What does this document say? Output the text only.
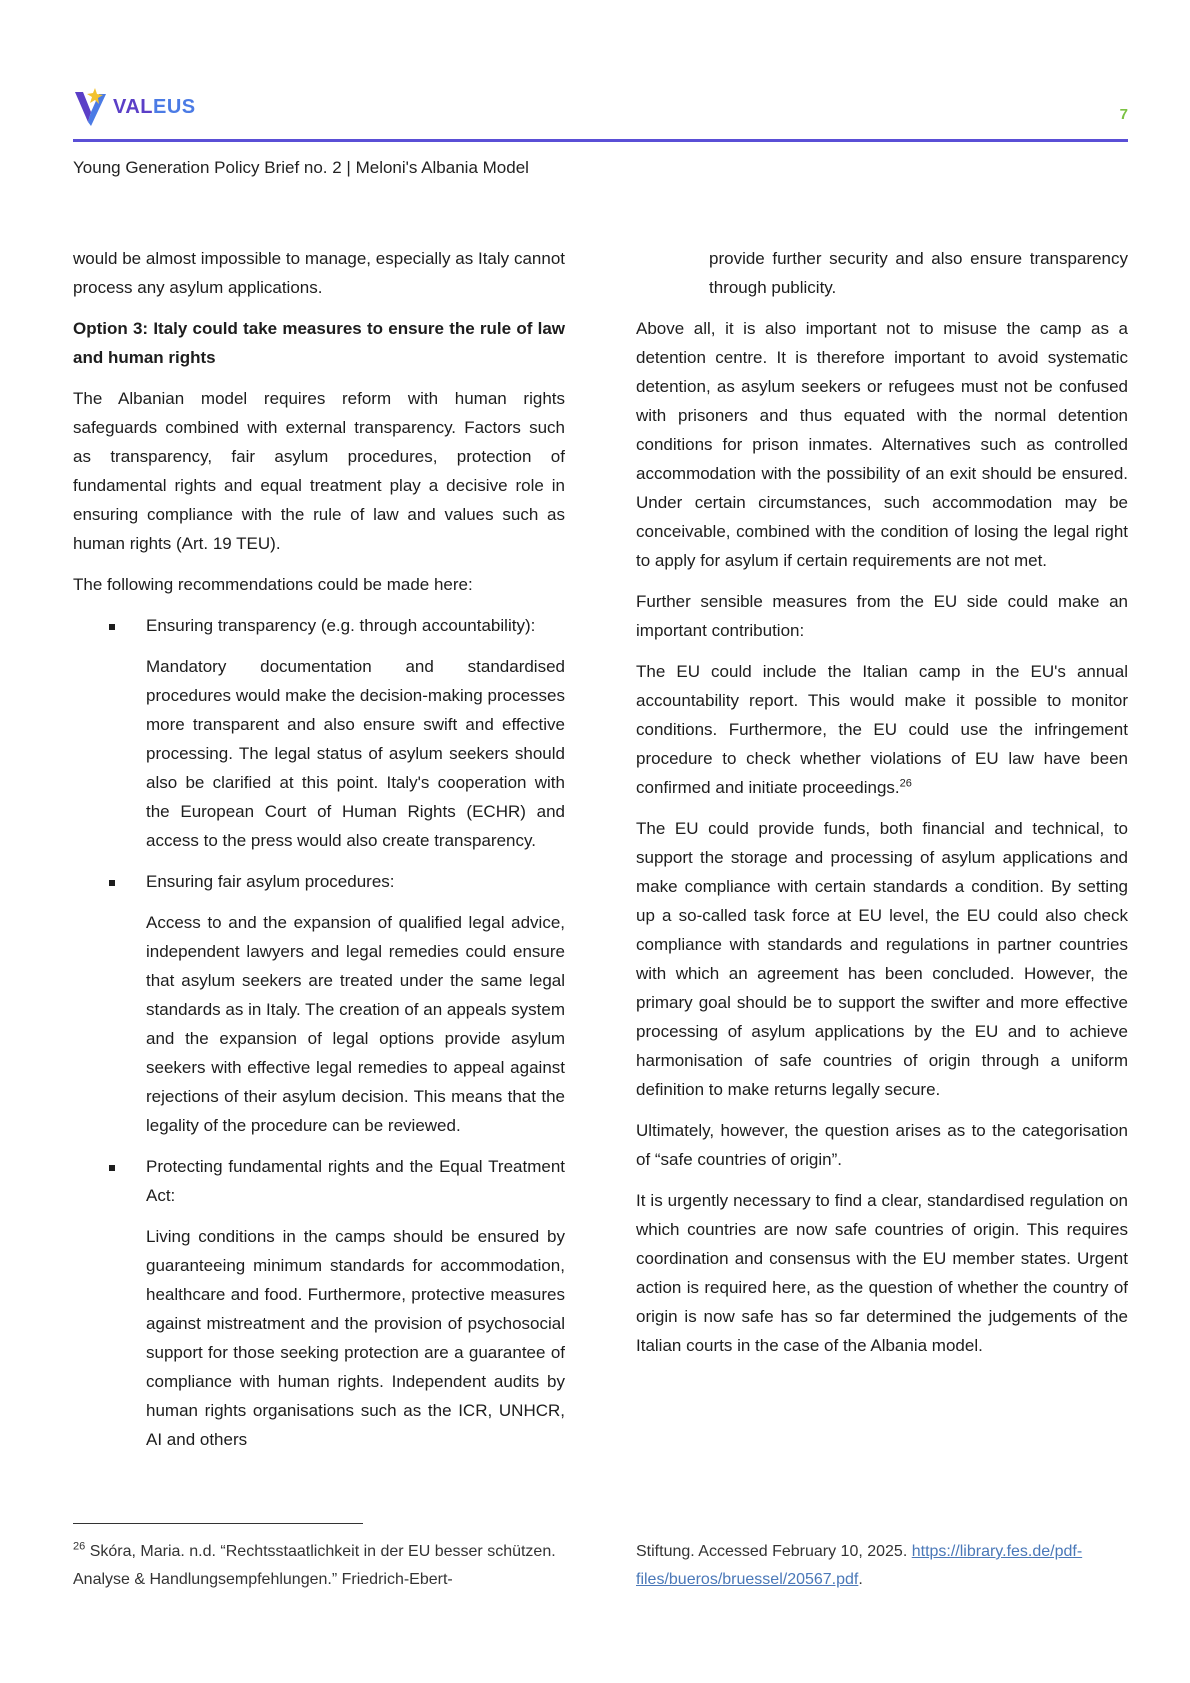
VALEUS	7
Young Generation Policy Brief no. 2 | Meloni's Albania Model

would be almost impossible to manage, especially as Italy cannot process any asylum applications.

Option 3: Italy could take measures to ensure the rule of law and human rights

The Albanian model requires reform with human rights safeguards combined with external transparency. Factors such as transparency, fair asylum procedures, protection of fundamental rights and equal treatment play a decisive role in ensuring compliance with the rule of law and values such as human rights (Art. 19 TEU).

The following recommendations could be made here:

Ensuring transparency (e.g. through accountability):

Mandatory documentation and standardised procedures would make the decision-making processes more transparent and also ensure swift and effective processing. The legal status of asylum seekers should also be clarified at this point. Italy's cooperation with the European Court of Human Rights (ECHR) and access to the press would also create transparency.

Ensuring fair asylum procedures:

Access to and the expansion of qualified legal advice, independent lawyers and legal remedies could ensure that asylum seekers are treated under the same legal standards as in Italy. The creation of an appeals system and the expansion of legal options provide asylum seekers with effective legal remedies to appeal against rejections of their asylum decision. This means that the legality of the procedure can be reviewed.

Protecting fundamental rights and the Equal Treatment Act:

Living conditions in the camps should be ensured by guaranteeing minimum standards for accommodation, healthcare and food. Furthermore, protective measures against mistreatment and the provision of psychosocial support for those seeking protection are a guarantee of compliance with human rights. Independent audits by human rights organisations such as the ICR, UNHCR, AI and others

provide further security and also ensure transparency through publicity.

Above all, it is also important not to misuse the camp as a detention centre. It is therefore important to avoid systematic detention, as asylum seekers or refugees must not be confused with prisoners and thus equated with the normal detention conditions for prison inmates. Alternatives such as controlled accommodation with the possibility of an exit should be ensured. Under certain circumstances, such accommodation may be conceivable, combined with the condition of losing the legal right to apply for asylum if certain requirements are not met.

Further sensible measures from the EU side could make an important contribution:

The EU could include the Italian camp in the EU's annual accountability report. This would make it possible to monitor conditions. Furthermore, the EU could use the infringement procedure to check whether violations of EU law have been confirmed and initiate proceedings.$^{26}$

The EU could provide funds, both financial and technical, to support the storage and processing of asylum applications and make compliance with certain standards a condition. By setting up a so-called task force at EU level, the EU could also check compliance with standards and regulations in partner countries with which an agreement has been concluded. However, the primary goal should be to support the swifter and more effective processing of asylum applications by the EU and to achieve harmonisation of safe countries of origin through a uniform definition to make returns legally secure.

Ultimately, however, the question arises as to the categorisation of “safe countries of origin”.

It is urgently necessary to find a clear, standardised regulation on which countries are now safe countries of origin. This requires coordination and consensus with the EU member states. Urgent action is required here, as the question of whether the country of origin is now safe has so far determined the judgements of the Italian courts in the case of the Albania model.

$^{26}$ Skóra, Maria. n.d. “Rechtsstaatlichkeit in der EU besser schützen. Analyse & Handlungsempfehlungen.” Friedrich-Ebert-
Stiftung. Accessed February 10, 2025. https://library.fes.de/pdf-files/bueros/bruessel/20567.pdf.
